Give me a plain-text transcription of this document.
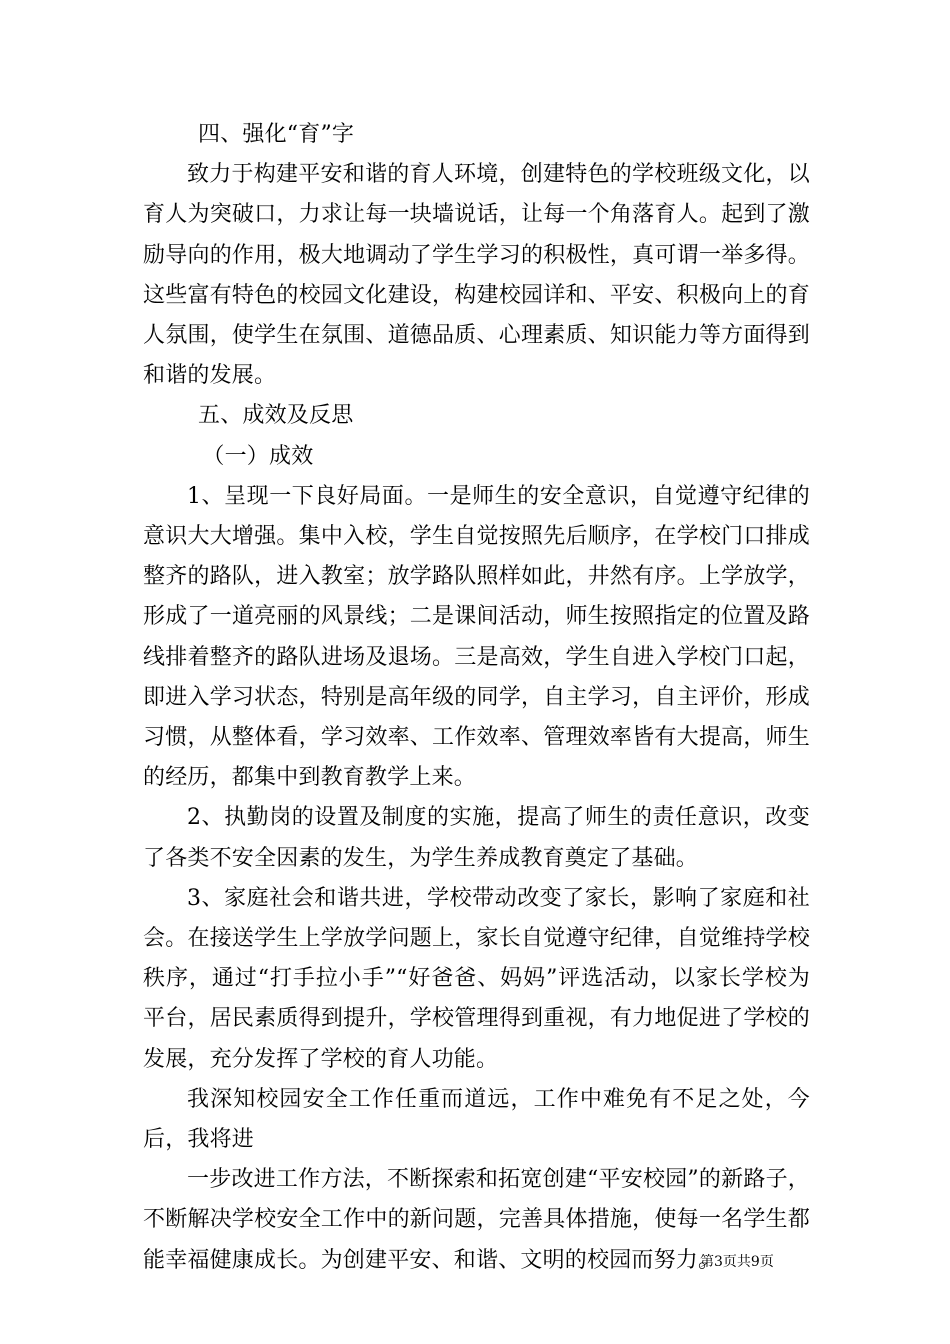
四、强化“育”字

致力于构建平安和谐的育人环境，创建特色的学校班级文化，以育人为突破口，力求让每一块墙说话，让每一个角落育人。起到了激励导向的作用，极大地调动了学生学习的积极性，真可谓一举多得。这些富有特色的校园文化建设，构建校园详和、平安、积极向上的育人氛围，使学生在氛围、道德品质、心理素质、知识能力等方面得到和谐的发展。

五、成效及反思

（一）成效

1、呈现一下良好局面。一是师生的安全意识，自觉遵守纪律的意识大大增强。集中入校，学生自觉按照先后顺序，在学校门口排成整齐的路队，进入教室；放学路队照样如此，井然有序。上学放学，形成了一道亮丽的风景线；二是课间活动，师生按照指定的位置及路线排着整齐的路队进场及退场。三是高效，学生自进入学校门口起，即进入学习状态，特别是高年级的同学，自主学习，自主评价，形成习惯，从整体看，学习效率、工作效率、管理效率皆有大提高，师生的经历，都集中到教育教学上来。

2、执勤岗的设置及制度的实施，提高了师生的责任意识，改变了各类不安全因素的发生，为学生养成教育奠定了基础。

3、家庭社会和谐共进，学校带动改变了家长，影响了家庭和社会。在接送学生上学放学问题上，家长自觉遵守纪律，自觉维持学校秩序，通过“打手拉小手”“好爸爸、妈妈”评选活动，以家长学校为平台，居民素质得到提升，学校管理得到重视，有力地促进了学校的发展，充分发挥了学校的育人功能。

我深知校园安全工作任重而道远，工作中难免有不足之处，今后，我将进

一步改进工作方法，不断探索和拓宽创建“平安校园”的新路子，不断解决学校安全工作中的新问题，完善具体措施，使每一名学生都能幸福健康成长。为创建平安、和谐、文明的校园而努力。

第3页共9页
